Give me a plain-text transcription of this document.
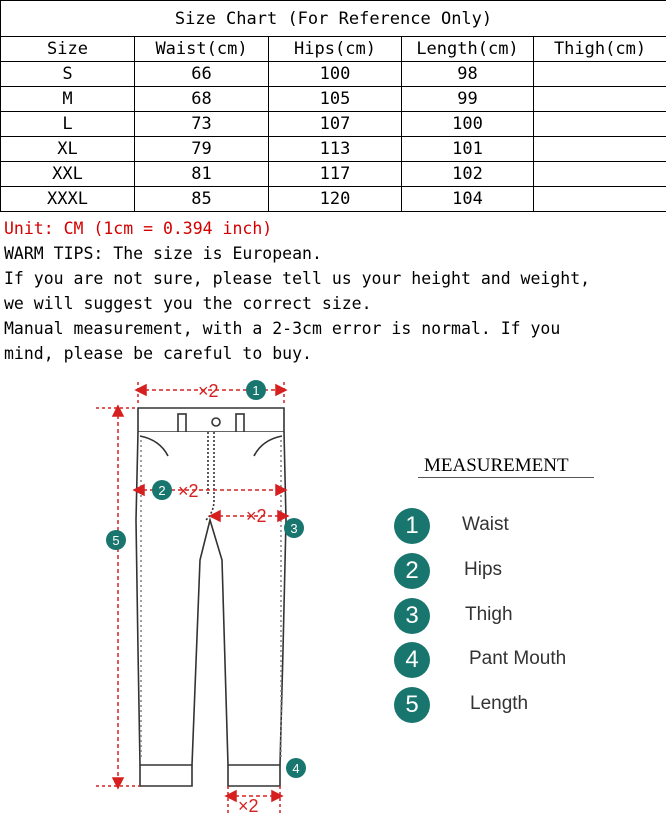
Size Chart (For Reference Only)				
Size	Waist(cm)	Hips(cm)	Length(cm)	Thigh(cm)
S	66	100	98	
M	68	105	99	
L	73	107	100	
XL	79	113	101	
XXL	81	117	102	
XXXL	85	120	104	
Unit: CM (1cm = 0.394 inch)
WARM TIPS: The size is European.
If you are not sure, please tell us your height and weight,
we will suggest you the correct size.
Manual measurement, with a 2-3cm error is normal. If you
mind, please be careful to buy.
×2
×2
×2
×2
1
2
3
4
5
MEASUREMENT
1	Waist
2	Hips
3	Thigh
4	Pant Mouth
5	Length
